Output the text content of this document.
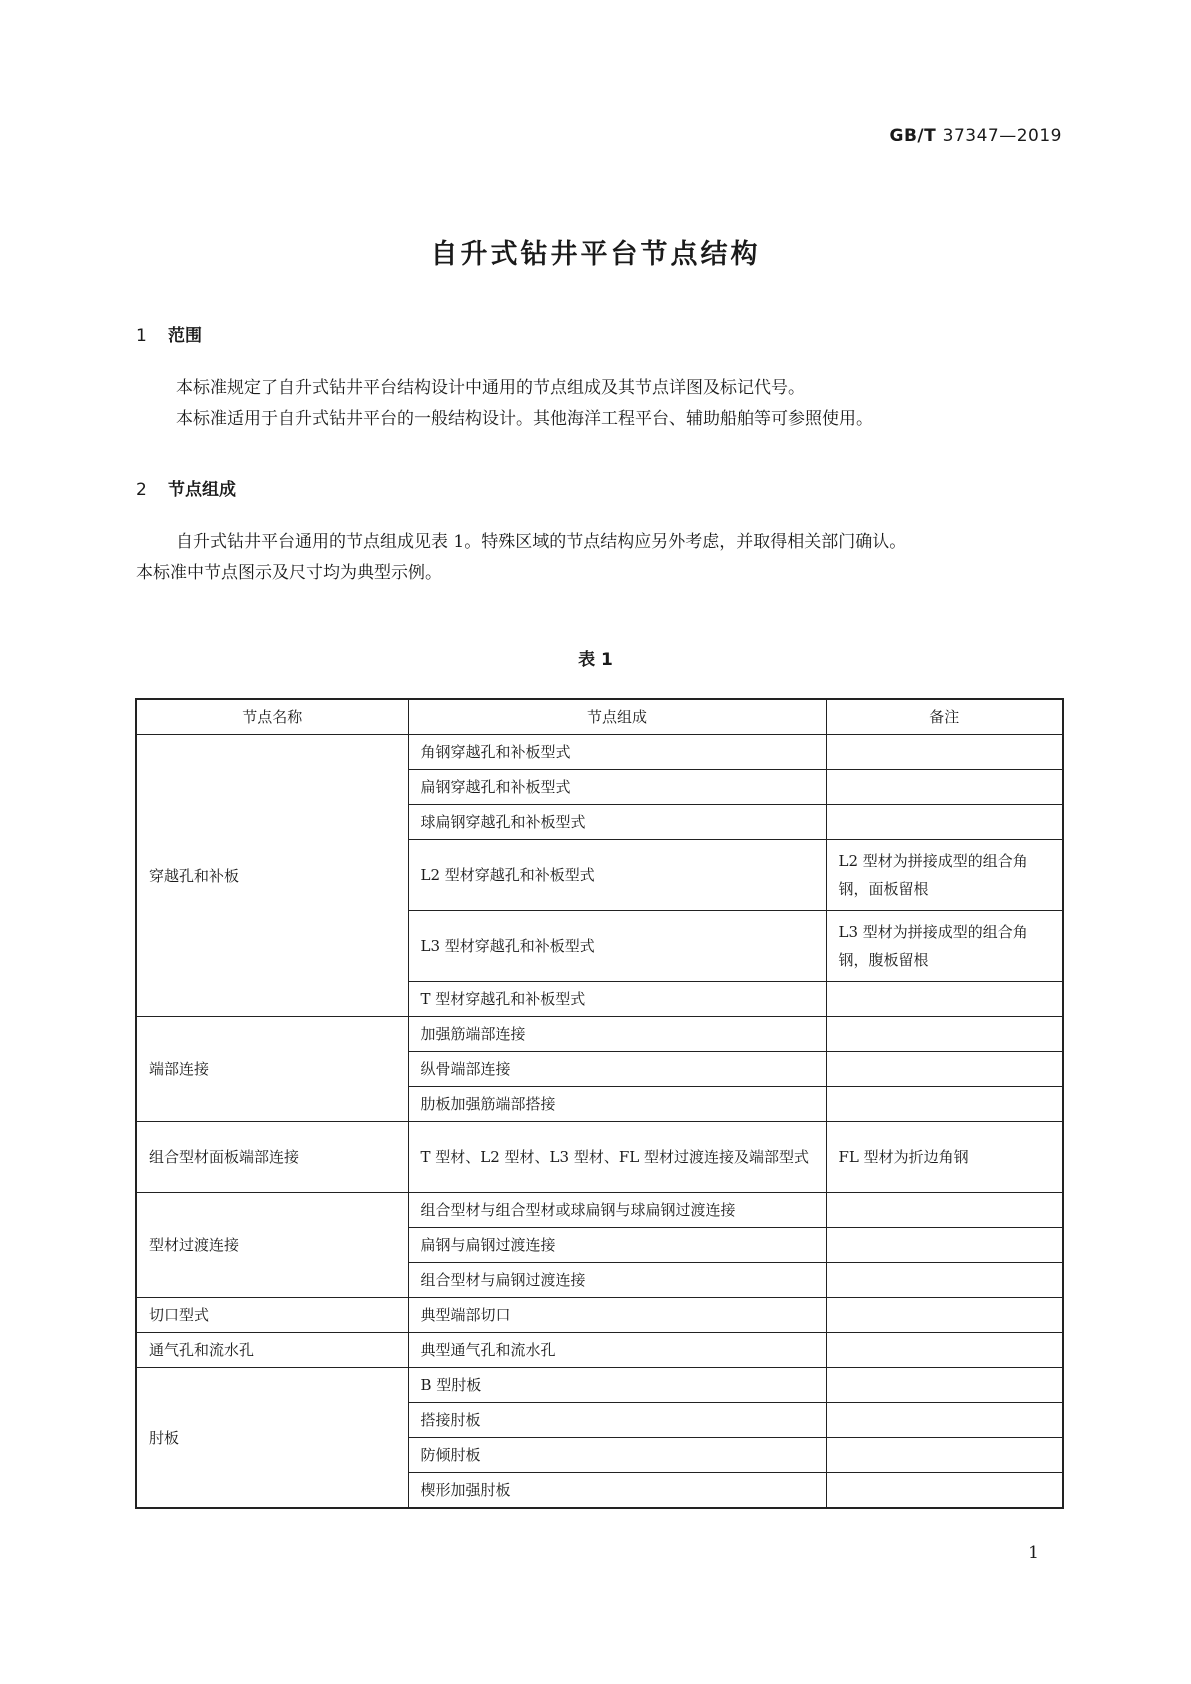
GB/T 37347—2019
自升式钻井平台节点结构
1 范围
本标准规定了自升式钻井平台结构设计中通用的节点组成及其节点详图及标记代号。
本标准适用于自升式钻井平台的一般结构设计。其他海洋工程平台、辅助船舶等可参照使用。
2 节点组成
自升式钻井平台通用的节点组成见表 1。特殊区域的节点结构应另外考虑，并取得相关部门确认。
本标准中节点图示及尺寸均为典型示例。
表 1
节点名称	节点组成	备注
穿越孔和补板	角钢穿越孔和补板型式	
	扁钢穿越孔和补板型式	
	球扁钢穿越孔和补板型式	
	L2 型材穿越孔和补板型式	L2 型材为拼接成型的组合角钢，面板留根
	L3 型材穿越孔和补板型式	L3 型材为拼接成型的组合角钢，腹板留根
	T 型材穿越孔和补板型式	
端部连接	加强筋端部连接	
	纵骨端部连接	
	肋板加强筋端部搭接	
组合型材面板端部连接	T 型材、L2 型材、L3 型材、FL 型材过渡连接及端部型式	FL 型材为折边角钢
型材过渡连接	组合型材与组合型材或球扁钢与球扁钢过渡连接	
	扁钢与扁钢过渡连接	
	组合型材与扁钢过渡连接	
切口型式	典型端部切口	
通气孔和流水孔	典型通气孔和流水孔	
肘板	B 型肘板	
	搭接肘板	
	防倾肘板	
	楔形加强肘板	
1
